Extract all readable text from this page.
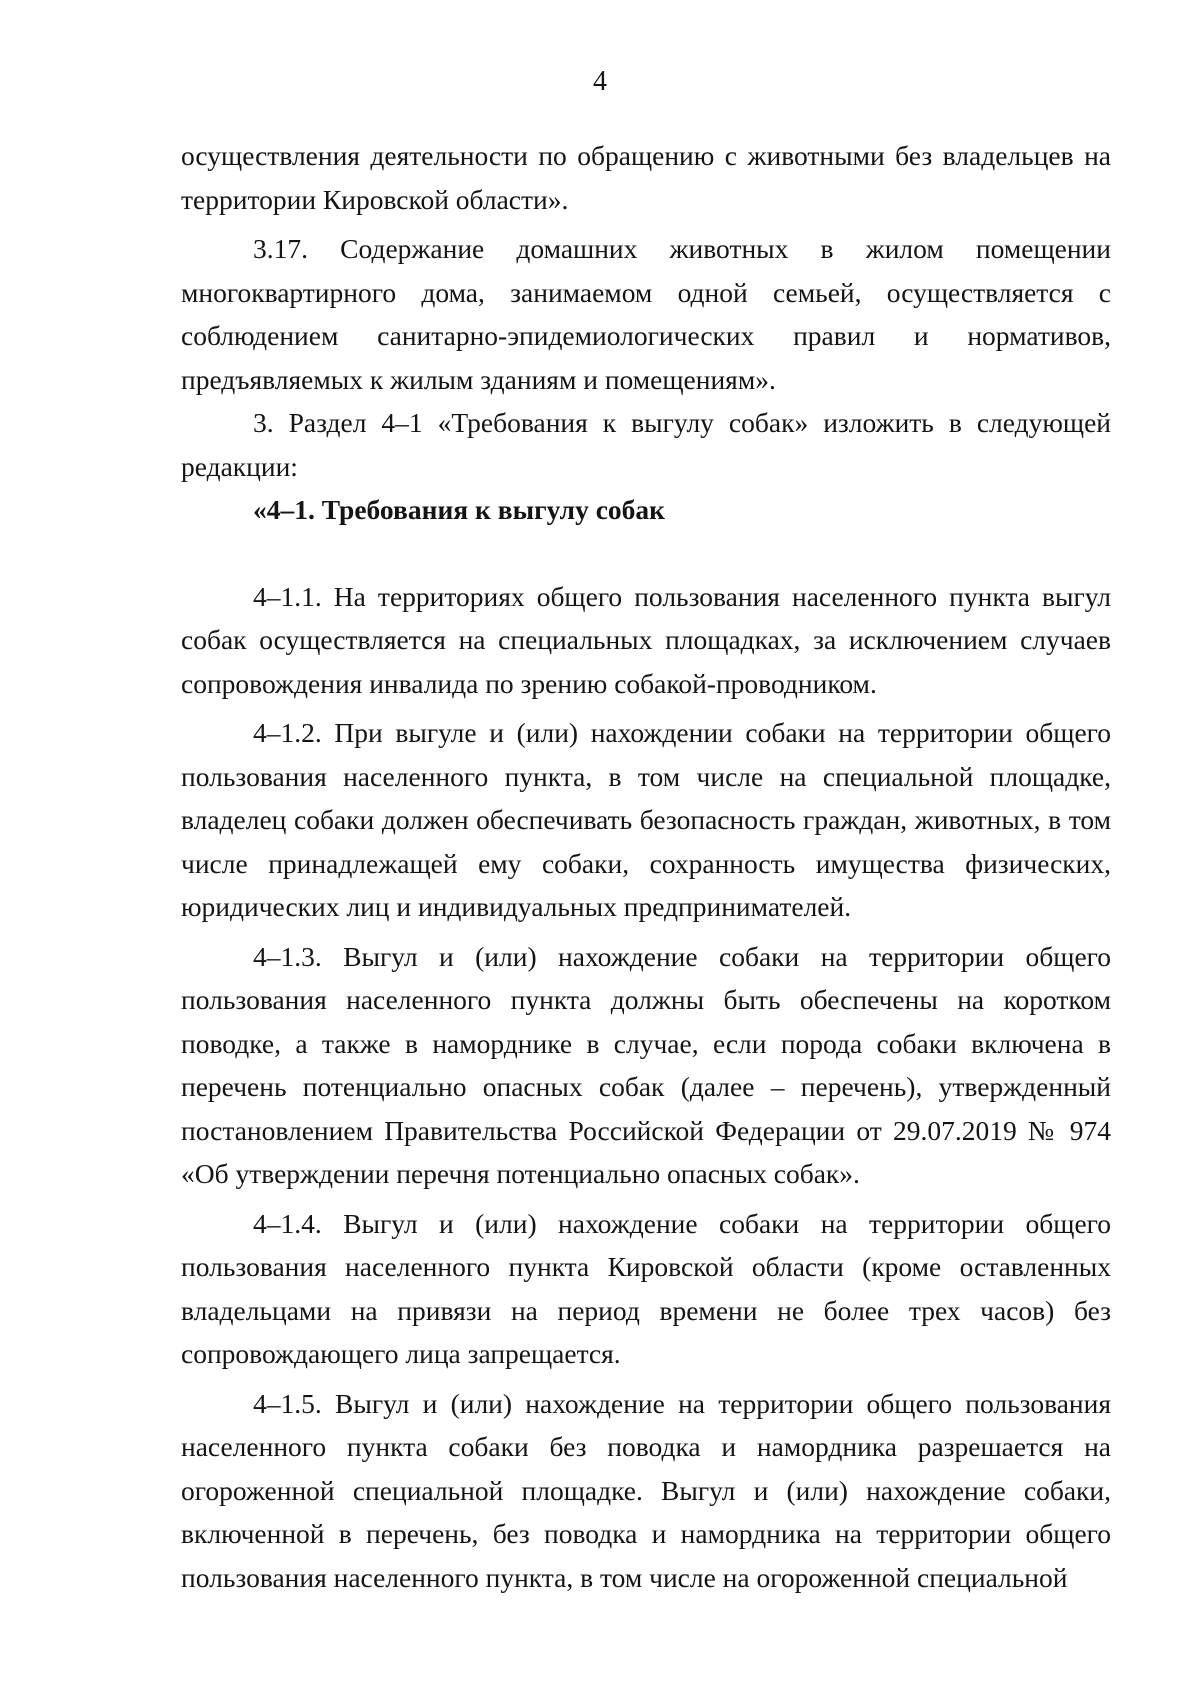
4

осуществления деятельности по обращению с животными без владельцев на территории Кировской области».

3.17. Содержание домашних животных в жилом помещении многоквартирного дома, занимаемом одной семьей, осуществляется с соблюдением санитарно-эпидемиологических правил и нормативов, предъявляемых к жилым зданиям и помещениям».

3. Раздел 4–1 «Требования к выгулу собак» изложить в следующей редакции:

«4–1. Требования к выгулу собак

4–1.1. На территориях общего пользования населенного пункта выгул собак осуществляется на специальных площадках, за исключением случаев сопровождения инвалида по зрению собакой-проводником.

4–1.2. При выгуле и (или) нахождении собаки на территории общего пользования населенного пункта, в том числе на специальной площадке, владелец собаки должен обеспечивать безопасность граждан, животных, в том числе принадлежащей ему собаки, сохранность имущества физических, юридических лиц и индивидуальных предпринимателей.

4–1.3. Выгул и (или) нахождение собаки на территории общего пользования населенного пункта должны быть обеспечены на коротком поводке, а также в наморднике в случае, если порода собаки включена в перечень потенциально опасных собак (далее – перечень), утвержденный постановлением Правительства Российской Федерации от 29.07.2019 № 974 «Об утверждении перечня потенциально опасных собак».

4–1.4. Выгул и (или) нахождение собаки на территории общего пользования населенного пункта Кировской области (кроме оставленных владельцами на привязи на период времени не более трех часов) без сопровождающего лица запрещается.

4–1.5. Выгул и (или) нахождение на территории общего пользования населенного пункта собаки без поводка и намордника разрешается на огороженной специальной площадке. Выгул и (или) нахождение собаки, включенной в перечень, без поводка и намордника на территории общего пользования населенного пункта, в том числе на огороженной специальной
